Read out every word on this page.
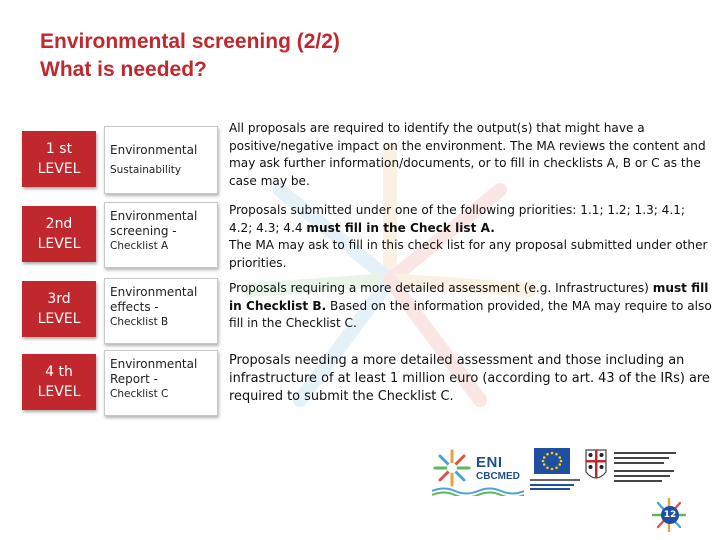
Environmental screening (2/2)
What is needed?
1 st
LEVEL
Environmental
Sustainability
All proposals are required to identify the output(s) that might have a positive/negative impact on the environment. The MA reviews the content and may ask further information/documents, or to fill in checklists A, B or C as the case may be.
2nd
LEVEL
Environmental
screening -
Checklist A
Proposals submitted under one of the following priorities: 1.1; 1.2; 1.3; 4.1; 4.2; 4.3; 4.4 must fill in the Check list A.
The MA may ask to fill in this check list for any proposal submitted under other priorities.
3rd
LEVEL
Environmental
effects -
Checklist B
Proposals requiring a more detailed assessment (e.g. Infrastructures) must fill in Checklist B. Based on the information provided, the MA may require to also fill in the Checklist C.
4 th
LEVEL
Environmental
Report -
Checklist C
Proposals needing a more detailed assessment and those including an infrastructure of at least 1 million euro (according to art. 43 of the IRs) are required to submit the Checklist C.
ENI
CBCMED
12
